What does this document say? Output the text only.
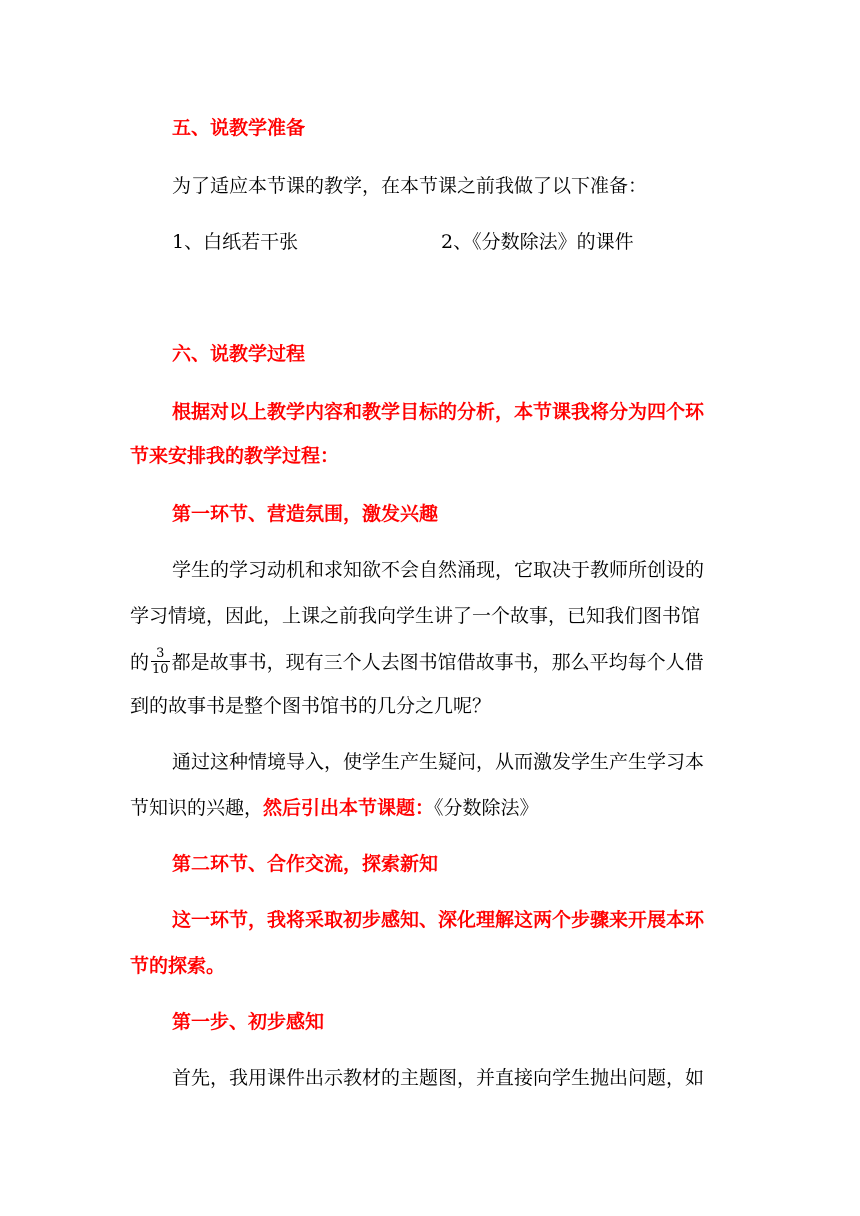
五、说教学准备
为了适应本节课的教学，在本节课之前我做了以下准备：
1、白纸若干张	2、《分数除法》的课件
六、说教学过程
根据对以上教学内容和教学目标的分析，本节课我将分为四个环
节来安排我的教学过程：
第一环节、营造氛围，激发兴趣
学生的学习动机和求知欲不会自然涌现，它取决于教师所创设的
学习情境，因此，上课之前我向学生讲了一个故事，已知我们图书馆
的 $\frac{3}{10}$ 都是故事书，现有三个人去图书馆借故事书，那么平均每个人借
到的故事书是整个图书馆书的几分之几呢？
通过这种情境导入，使学生产生疑问，从而激发学生产生学习本
节知识的兴趣，然后引出本节课题：《分数除法》
第二环节、合作交流，探索新知
这一环节，我将采取初步感知、深化理解这两个步骤来开展本环
节的探索。
第一步、初步感知
首先，我用课件出示教材的主题图，并直接向学生抛出问题，如
